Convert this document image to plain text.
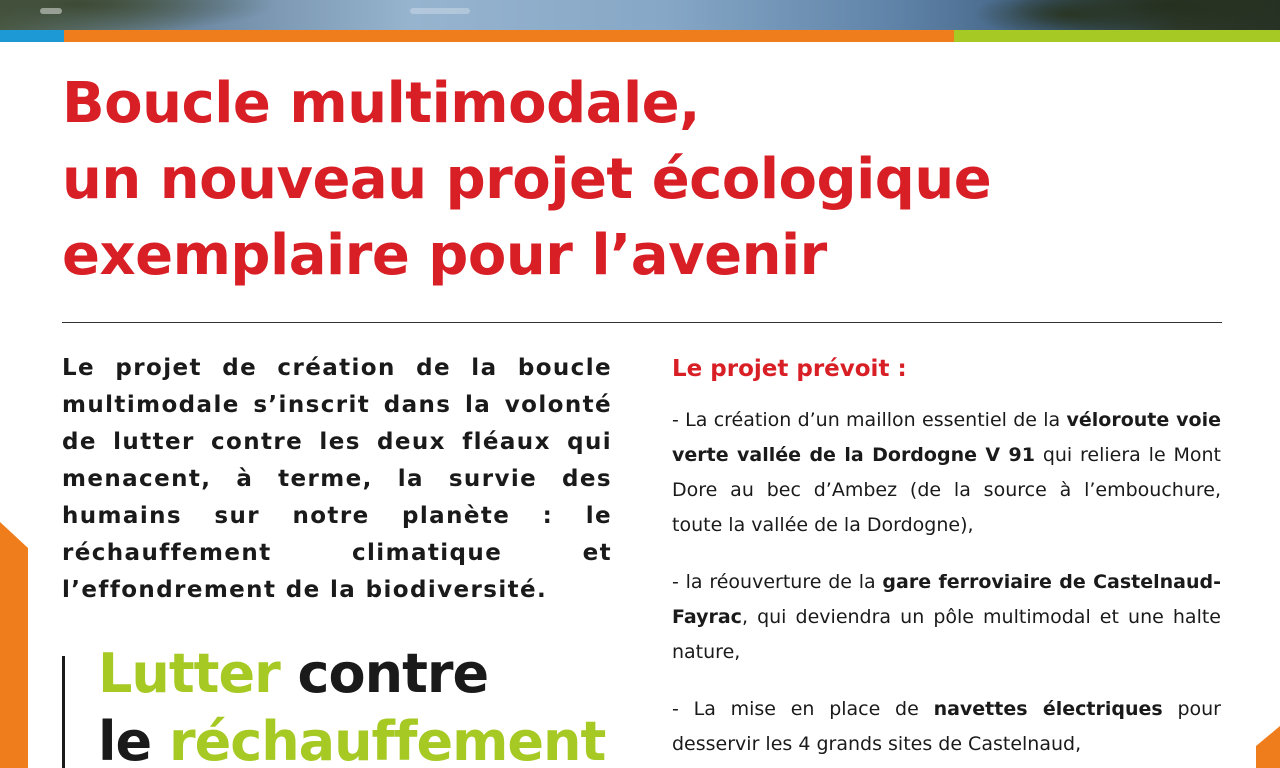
Boucle multimodale,
un nouveau projet écologique
exemplaire pour l’avenir

Le projet de création de la boucle multimodale s’inscrit dans la volonté de lutter contre les deux fléaux qui menacent, à terme, la survie des humains sur notre planète : le réchauffement climatique et l’effondrement de la biodiversité.

Lutter contre
le réchauffement
Le projet prévoit :

- La création d’un maillon essentiel de la véloroute voie verte vallée de la Dordogne V 91 qui reliera le Mont Dore au bec d’Ambez (de la source à l’embouchure, toute la vallée de la Dordogne),

- la réouverture de la gare ferroviaire de Castelnaud-Fayrac, qui deviendra un pôle multimodal et une halte nature,

- La mise en place de navettes électriques pour desservir les 4 grands sites de Castelnaud,
